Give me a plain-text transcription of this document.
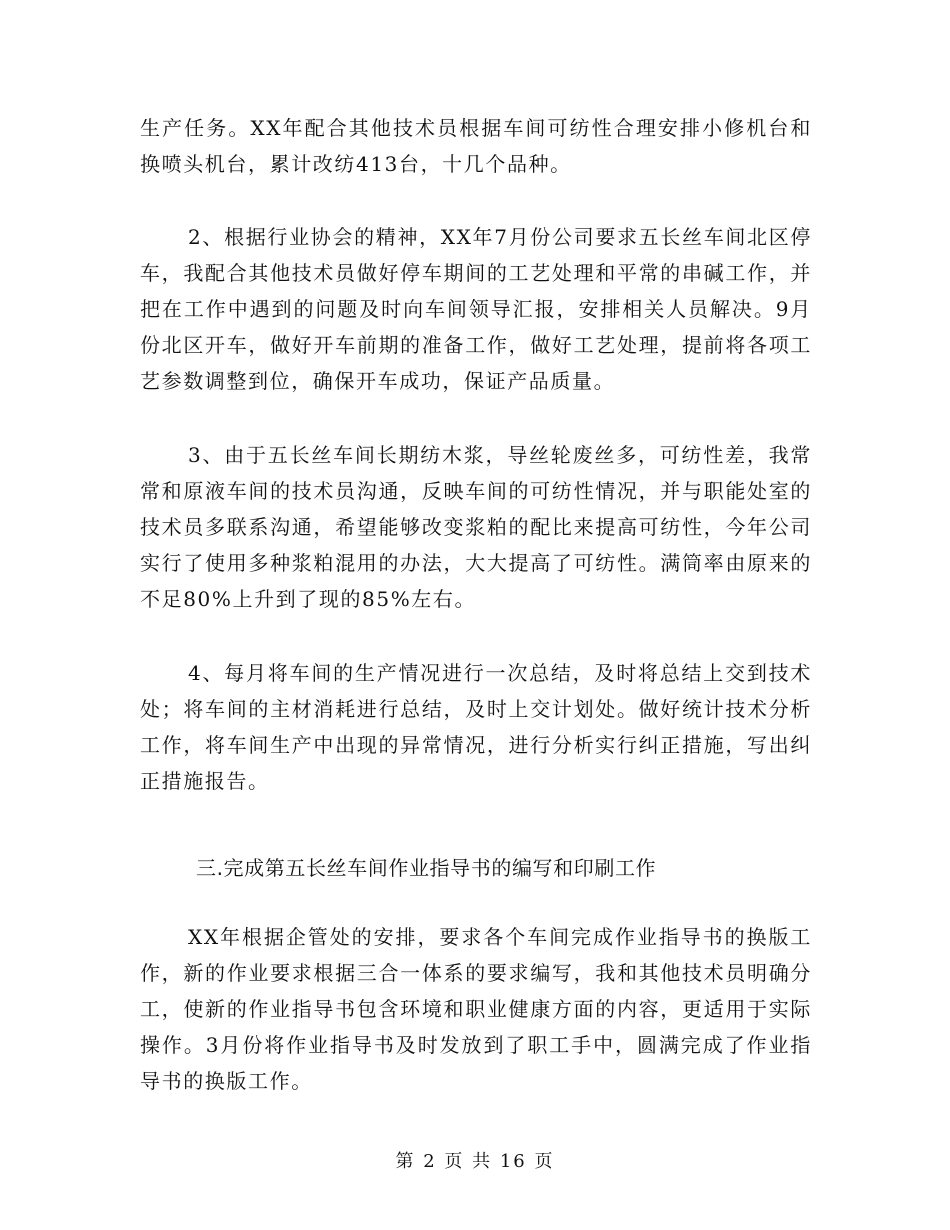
生产任务。XX年配合其他技术员根据车间可纺性合理安排小修机台和换喷头机台，累计改纺413台，十几个品种。

2、根据行业协会的精神，XX年7月份公司要求五长丝车间北区停车，我配合其他技术员做好停车期间的工艺处理和平常的串碱工作，并把在工作中遇到的问题及时向车间领导汇报，安排相关人员解决。9月份北区开车，做好开车前期的准备工作，做好工艺处理，提前将各项工艺参数调整到位，确保开车成功，保证产品质量。

3、由于五长丝车间长期纺木浆，导丝轮废丝多，可纺性差，我常常和原液车间的技术员沟通，反映车间的可纺性情况，并与职能处室的技术员多联系沟通，希望能够改变浆粕的配比来提高可纺性，今年公司实行了使用多种浆粕混用的办法，大大提高了可纺性。满筒率由原来的不足80%上升到了现的85%左右。

4、每月将车间的生产情况进行一次总结，及时将总结上交到技术处；将车间的主材消耗进行总结，及时上交计划处。做好统计技术分析工作，将车间生产中出现的异常情况，进行分析实行纠正措施，写出纠正措施报告。

三.完成第五长丝车间作业指导书的编写和印刷工作

XX年根据企管处的安排，要求各个车间完成作业指导书的换版工作，新的作业要求根据三合一体系的要求编写，我和其他技术员明确分工，使新的作业指导书包含环境和职业健康方面的内容，更适用于实际操作。3月份将作业指导书及时发放到了职工手中，圆满完成了作业指导书的换版工作。

第 2 页 共 16 页
